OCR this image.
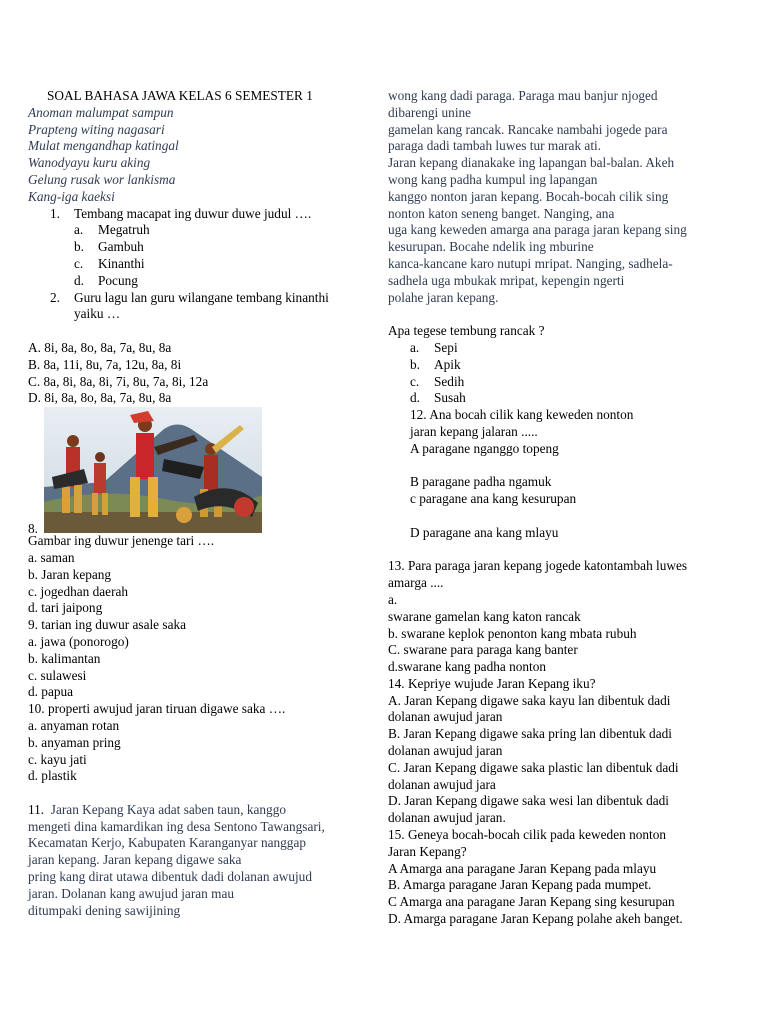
SOAL BAHASA JAWA KELAS 6 SEMESTER 1
Anoman malumpat sampun
Prapteng witing nagasari
Mulat mengandhap katingal
Wanodyayu kuru aking
Gelung rusak wor lankisma
Kang-iga kaeksi
1. Tembang macapat ing duwur duwe judul ….
a. Megatruh
b. Gambuh
c. Kinanthi
d. Pocung
2. Guru lagu lan guru wilangane tembang kinanthi
yaiku …
A. 8i, 8a, 8o, 8a, 7a, 8u, 8a
B. 8a, 11i, 8u, 7a, 12u, 8a, 8i
C. 8a, 8i, 8a, 8i, 7i, 8u, 7a, 8i, 12a
D. 8i, 8a, 8o, 8a, 7a, 8u, 8a
8.
Gambar ing duwur jenenge tari ….
a. saman
b. Jaran kepang
c. jogedhan daerah
d. tari jaipong
9. tarian ing duwur asale saka
a. jawa (ponorogo)
b. kalimantan
c. sulawesi
d. papua
10. properti awujud jaran tiruan digawe saka ….
a. anyaman rotan
b. anyaman pring
c. kayu jati
d. plastik
11. Jaran Kepang Kaya adat saben taun, kanggo
mengeti dina kamardikan ing desa Sentono Tawangsari,
Kecamatan Kerjo, Kabupaten Karanganyar nanggap
jaran kepang. Jaran kepang digawe saka
pring kang dirat utawa dibentuk dadi dolanan awujud
jaran. Dolanan kang awujud jaran mau
ditumpaki dening sawijining
wong kang dadi paraga. Paraga mau banjur njoged
dibarengi unine
gamelan kang rancak. Rancake nambahi jogede para
paraga dadi tambah luwes tur marak ati.
Jaran kepang dianakake ing lapangan bal-balan. Akeh
wong kang padha kumpul ing lapangan
kanggo nonton jaran kepang. Bocah-bocah cilik sing
nonton katon seneng banget. Nanging, ana
uga kang keweden amarga ana paraga jaran kepang sing
kesurupan. Bocahe ndelik ing mburine
kanca-kancane karo nutupi mripat. Nanging, sadhela-
sadhela uga mbukak mripat, kepengin ngerti
polahe jaran kepang.
Apa tegese tembung rancak ?
a. Sepi
b. Apik
c. Sedih
d. Susah
12. Ana bocah cilik kang keweden nonton
jaran kepang jalaran .....
A paragane nganggo topeng
B paragane padha ngamuk
c paragane ana kang kesurupan
D paragane ana kang mlayu
13. Para paraga jaran kepang jogede katontambah luwes
amarga ....
a.
swarane gamelan kang katon rancak
b. swarane keplok penonton kang mbata rubuh
C. swarane para paraga kang banter
d.swarane kang padha nonton
14. Kepriye wujude Jaran Kepang iku?
A. Jaran Kepang digawe saka kayu lan dibentuk dadi
dolanan awujud jaran
B. Jaran Kepang digawe saka pring lan dibentuk dadi
dolanan awujud jaran
C. Jaran Kepang digawe saka plastic lan dibentuk dadi
dolanan awujud jara
D. Jaran Kepang digawe saka wesi lan dibentuk dadi
dolanan awujud jaran.
15. Geneya bocah-bocah cilik pada keweden nonton
Jaran Kepang?
A Amarga ana paragane Jaran Kepang pada mlayu
B. Amarga paragane Jaran Kepang pada mumpet.
C Amarga ana paragane Jaran Kepang sing kesurupan
D. Amarga paragane Jaran Kepang polahe akeh banget.
